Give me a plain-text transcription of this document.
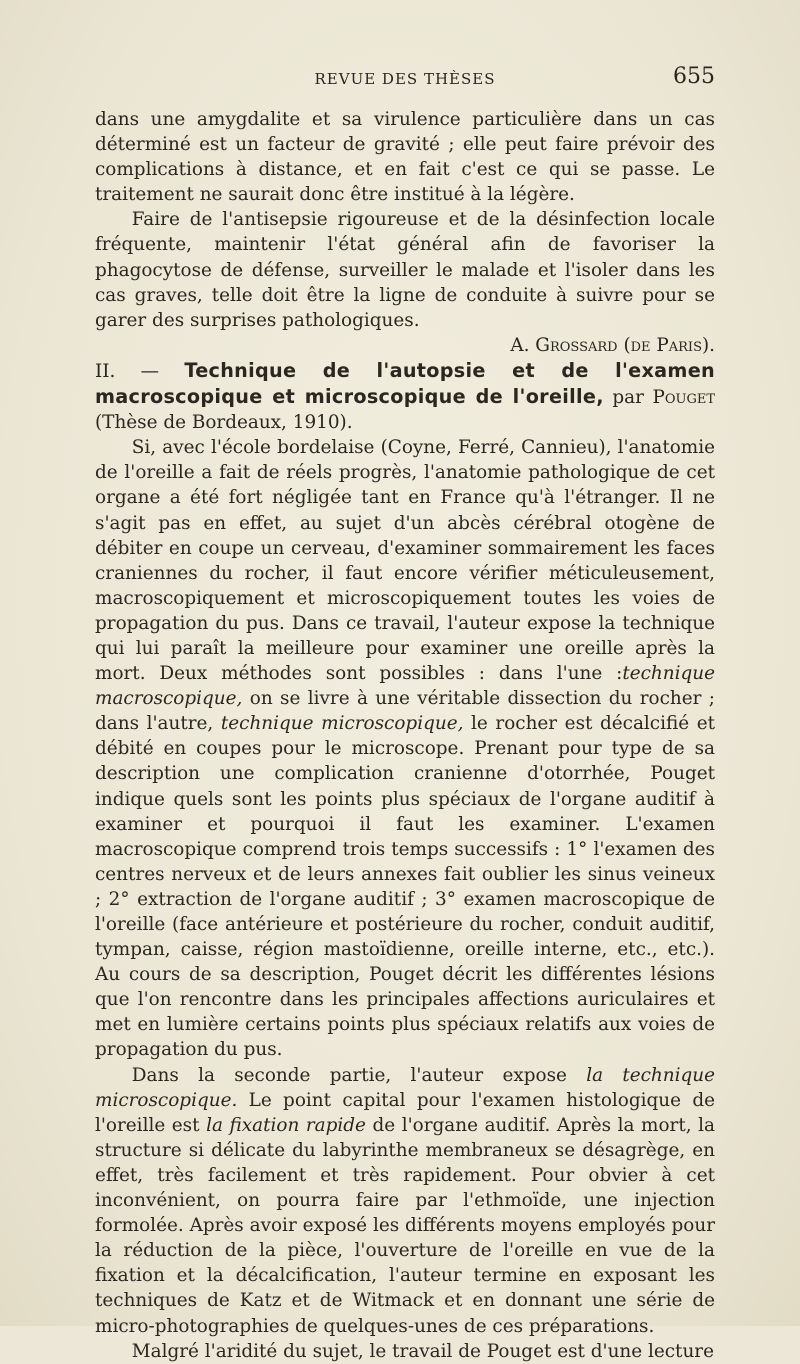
REVUE DES THÈSES	655

dans une amygdalite et sa virulence particulière dans un cas déterminé est un facteur de gravité ; elle peut faire prévoir des complications à distance, et en fait c'est ce qui se passe. Le traitement ne saurait donc être institué à la légère.

Faire de l'antisepsie rigoureuse et de la désinfection locale fréquente, maintenir l'état général afin de favoriser la phagocytose de défense, surveiller le malade et l'isoler dans les cas graves, telle doit être la ligne de conduite à suivre pour se garer des surprises pathologiques.

A. Grossard (de Paris).

II. — Technique de l'autopsie et de l'examen macroscopique et microscopique de l'oreille, par Pouget (Thèse de Bordeaux, 1910).

Si, avec l'école bordelaise (Coyne, Ferré, Cannieu), l'anatomie de l'oreille a fait de réels progrès, l'anatomie pathologique de cet organe a été fort négligée tant en France qu'à l'étranger. Il ne s'agit pas en effet, au sujet d'un abcès cérébral otogène de débiter en coupe un cerveau, d'examiner sommairement les faces craniennes du rocher, il faut encore vérifier méticuleusement, macroscopiquement et microscopiquement toutes les voies de propagation du pus. Dans ce travail, l'auteur expose la technique qui lui paraît la meilleure pour examiner une oreille après la mort. Deux méthodes sont possibles : dans l'une :technique macroscopique, on se livre à une véritable dissection du rocher ; dans l'autre, technique microscopique, le rocher est décalcifié et débité en coupes pour le microscope. Prenant pour type de sa description une complication cranienne d'otorrhée, Pouget indique quels sont les points plus spéciaux de l'organe auditif à examiner et pourquoi il faut les examiner. L'examen macroscopique comprend trois temps successifs : 1° l'examen des centres nerveux et de leurs annexes fait oublier les sinus veineux ; 2° extraction de l'organe auditif ; 3° examen macroscopique de l'oreille (face antérieure et postérieure du rocher, conduit auditif, tympan, caisse, région mastoïdienne, oreille interne, etc., etc.). Au cours de sa description, Pouget décrit les différentes lésions que l'on rencontre dans les principales affections auriculaires et met en lumière certains points plus spéciaux relatifs aux voies de propagation du pus.

Dans la seconde partie, l'auteur expose la technique microscopique. Le point capital pour l'examen histologique de l'oreille est la fixation rapide de l'organe auditif. Après la mort, la structure si délicate du labyrinthe membraneux se désagrège, en effet, très facilement et très rapidement. Pour obvier à cet inconvénient, on pourra faire par l'ethmoïde, une injection formolée. Après avoir exposé les différents moyens employés pour la réduction de la pièce, l'ouverture de l'oreille en vue de la fixation et la décalcification, l'auteur termine en exposant les techniques de Katz et de Witmack et en donnant une série de micro-photographies de quelques-unes de ces préparations.

Malgré l'aridité du sujet, le travail de Pouget est d'une lecture
